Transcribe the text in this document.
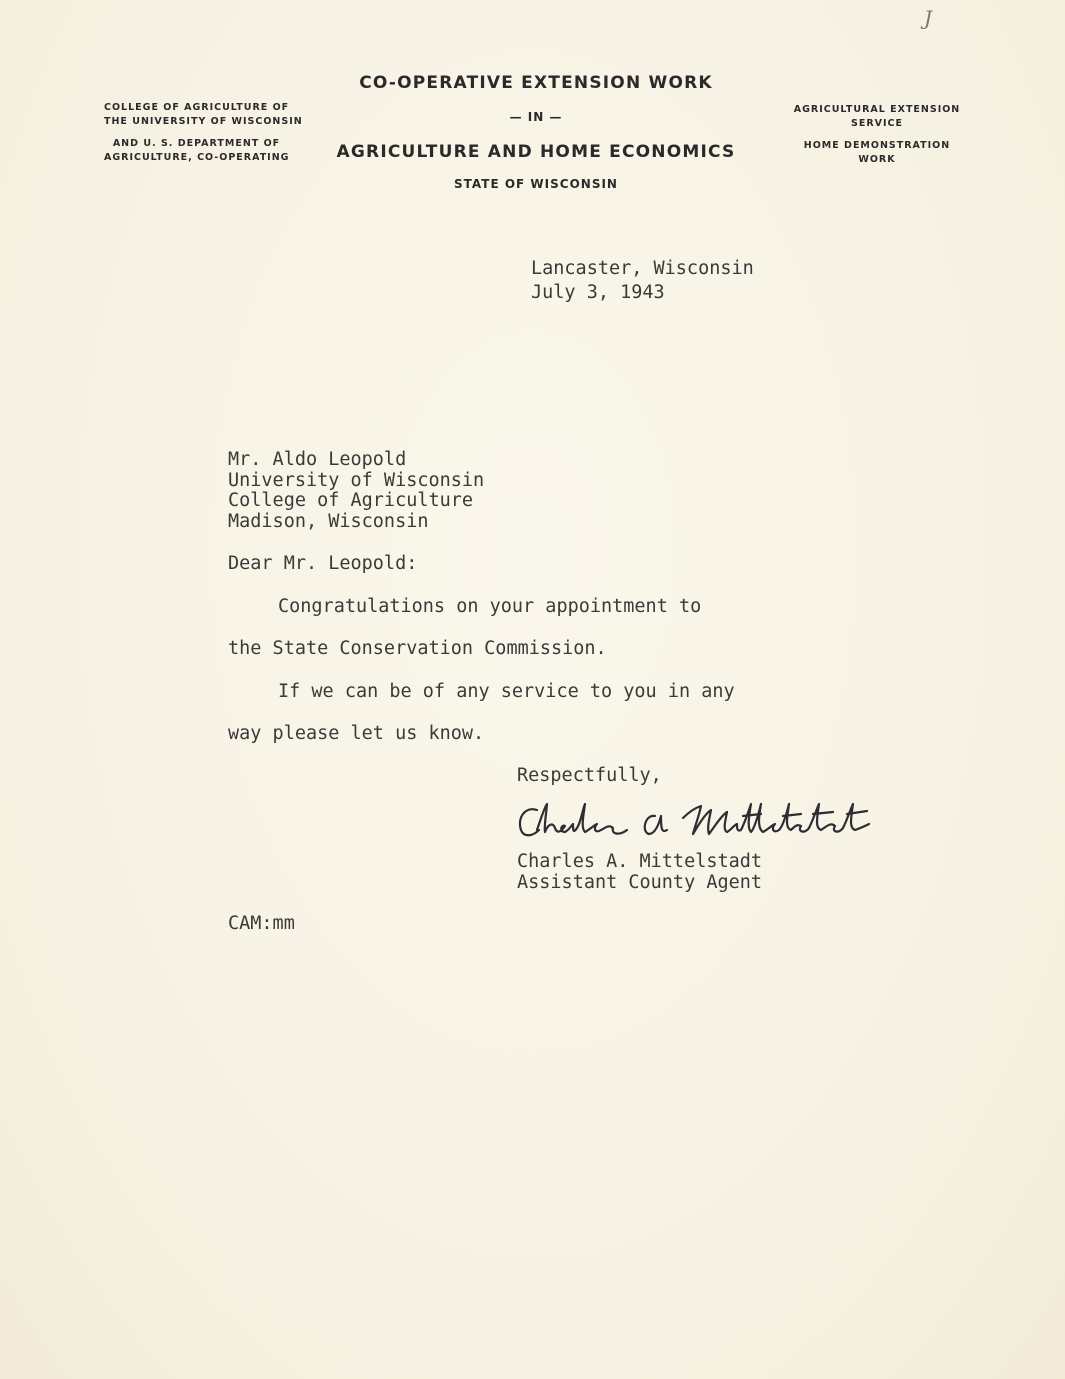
J
COLLEGE OF AGRICULTURE OF
THE UNIVERSITY OF WISCONSIN
AND U. S. DEPARTMENT OF
AGRICULTURE, CO-OPERATING
CO-OPERATIVE EXTENSION WORK
— IN —
AGRICULTURE AND HOME ECONOMICS
STATE OF WISCONSIN
AGRICULTURAL EXTENSION
SERVICE
HOME DEMONSTRATION
WORK
Lancaster, Wisconsin
July 3, 1943
Mr. Aldo Leopold
University of Wisconsin
College of Agriculture
Madison, Wisconsin
Dear Mr. Leopold:
Congratulations on your appointment to
the State Conservation Commission.
If we can be of any service to you in any
way please let us know.
Respectfully,
Charles A. Mittelstadt
Assistant County Agent
CAM:mm
